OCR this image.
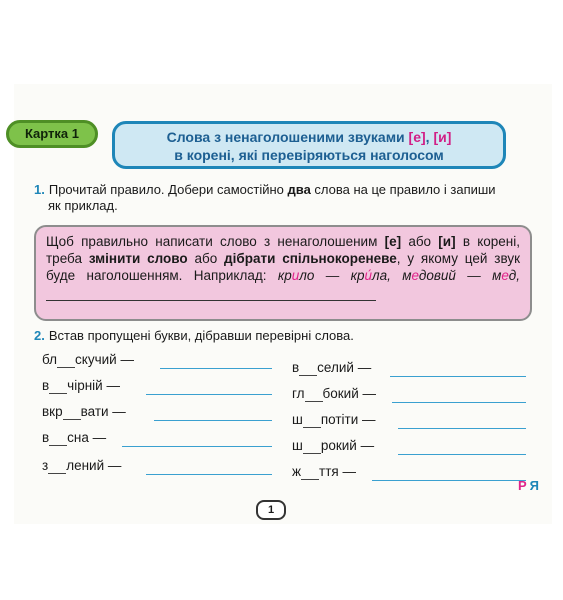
Картка 1	Слова з ненаголошеними звуками [е], [и]
в корені, які перевіряються наголосом
1. Прочитай правило. Добери самостійно два слова на це правило і запиши
як приклад.
Щоб правильно написати слово з ненаголошеним [е] або [и] в корені, треба змінити слово або дібрати спільнокореневе, у якому цей звук буде наголошенням. Наприклад: крило — кри́ла, медовий — мед,
2. Встав пропущені букви, дібравши перевірні слова.
бл скучий —
в чірній —
вкр вати —
в сна —
з лений —
в селий —
гл бокий —
ш потіти —
ш рокий —
ж ття —
1
Р Я
